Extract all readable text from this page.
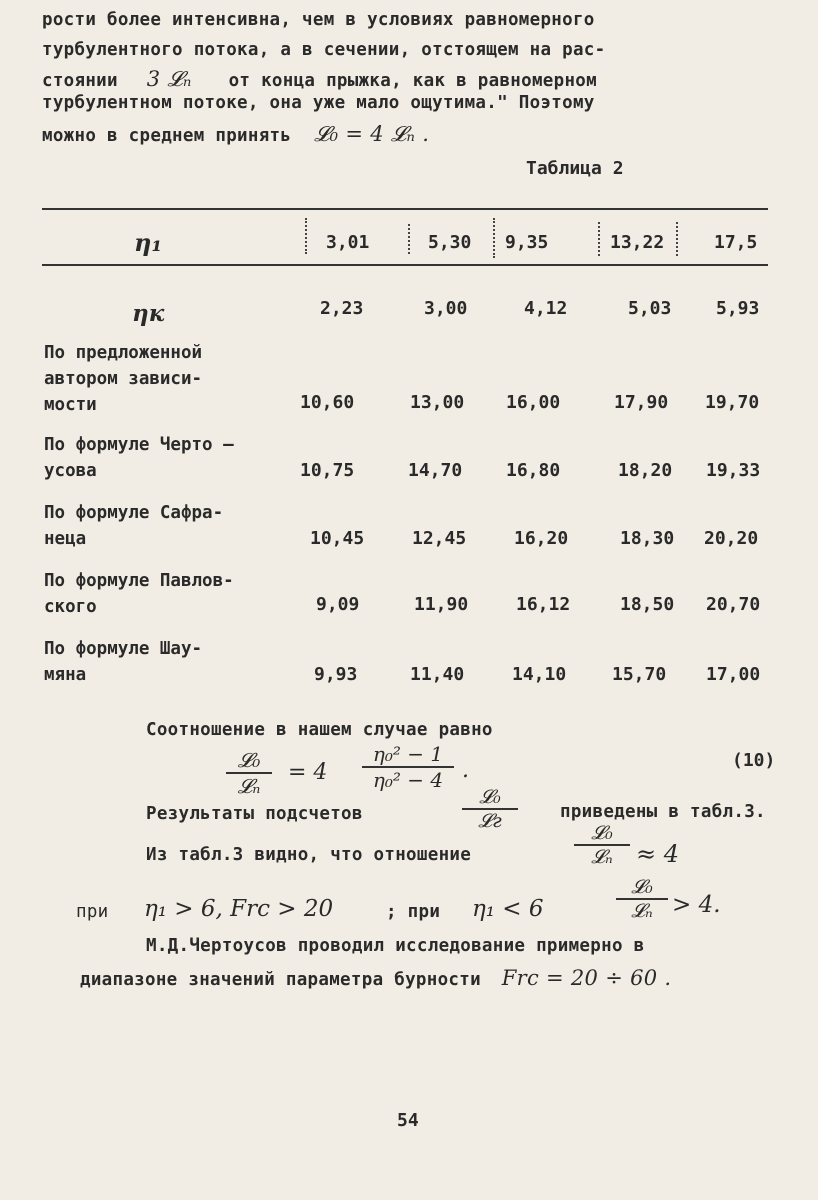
рости более интенсивна, чем в условиях равномерного
турбулентного потока, а в сечении, отстоящем на рас-
стоянии 3 𝓛ₙ от конца прыжка, как в равномерном
турбулентном потоке, она уже мало ощутима." Поэтому
можно в среднем принять 𝓛₀ = 4 𝓛ₙ .
Таблица 2
η₁	3,01	5,30 9,35	13,22	17,5
ηк	2,23	3,00	4,12	5,03 5,93
По предложенной
автором зависи-
мости	10,60	13,00 16,00	17,90 19,70
По формуле Черто –
усова	10,75	14,70 16,80	18,20 19,33
По формуле Сафра-
неца	10,45	12,45	16,20	18,30 20,20
По формуле Павлов-
ского	9,09	11,90	16,12	18,50 20,70
По формуле Шау-
мяна	9,93	11,40	14,10	15,70 17,00
Соотношение в нашем случае равно
𝓛₀
𝓛ₙ
= 4
η₀² − 1
η₀² − 4 .	(10)
Результаты подсчетов
𝓛₀
𝓛г	приведены в табл.3.
Из табл.3 видно, что отношение
𝓛₀
𝓛ₙ ≈ 4
при η₁ > 6, Frс > 20	; при η₁ < 6
𝓛₀
𝓛ₙ > 4.
М.Д.Чертоусов проводил исследование примерно в
диапазоне значений параметра бурности Frс = 20 ÷ 60 .
54
